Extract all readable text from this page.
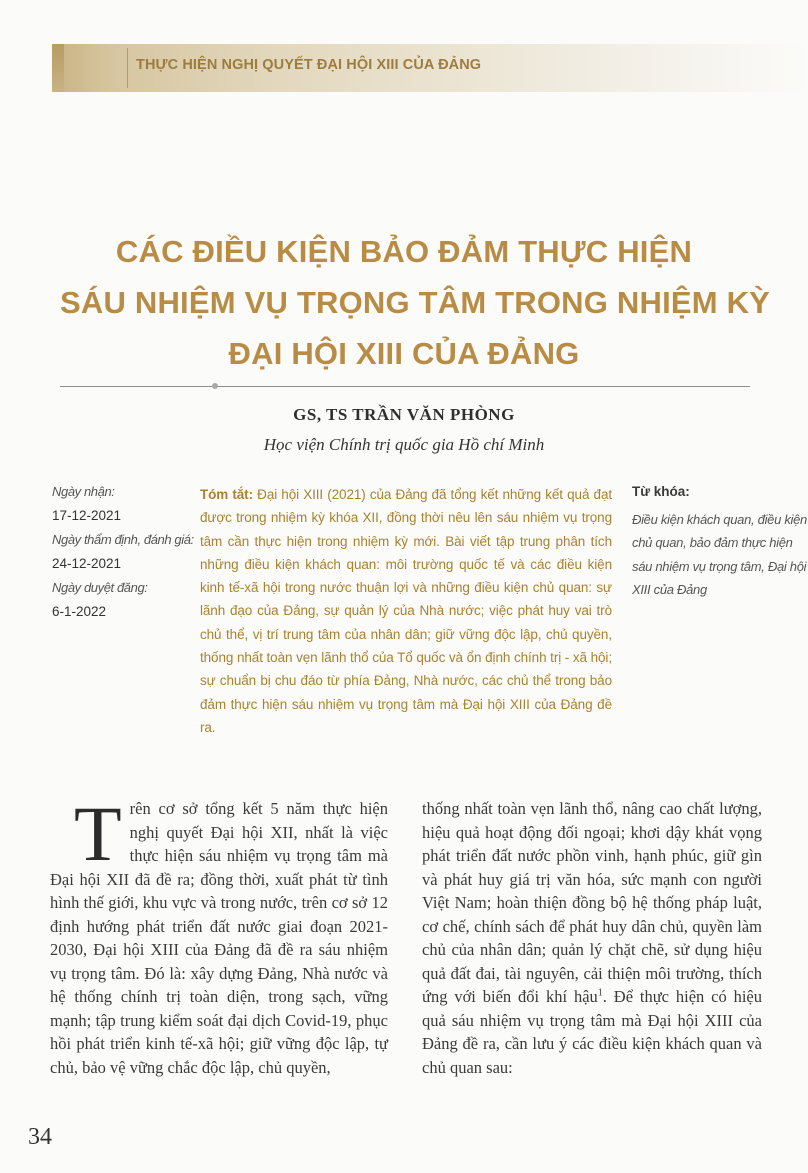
THỰC HIỆN NGHỊ QUYẾT ĐẠI HỘI XIII CỦA ĐẢNG
CÁC ĐIỀU KIỆN BẢO ĐẢM THỰC HIỆN
SÁU NHIỆM VỤ TRỌNG TÂM TRONG NHIỆM KỲ
ĐẠI HỘI XIII CỦA ĐẢNG
GS, TS TRẦN VĂN PHÒNG
Học viện Chính trị quốc gia Hồ chí Minh
Ngày nhận:
17-12-2021
Ngày thẩm định, đánh giá:
24-12-2021
Ngày duyệt đăng:
6-1-2022
Tóm tắt: Đại hội XIII (2021) của Đảng đã tổng kết những kết quả đạt được trong nhiệm kỳ khóa XII, đồng thời nêu lên sáu nhiệm vụ trọng tâm cần thực hiện trong nhiệm kỳ mới. Bài viết tập trung phân tích những điều kiện khách quan: môi trường quốc tế và các điều kiện kinh tế-xã hội trong nước thuận lợi và những điều kiện chủ quan: sự lãnh đạo của Đảng, sự quản lý của Nhà nước; việc phát huy vai trò chủ thể, vị trí trung tâm của nhân dân; giữ vững độc lập, chủ quyền, thống nhất toàn vẹn lãnh thổ của Tổ quốc và ổn định chính trị - xã hội; sự chuẩn bị chu đáo từ phía Đảng, Nhà nước, các chủ thể trong bảo đảm thực hiện sáu nhiệm vụ trọng tâm mà Đại hội XIII của Đảng đề ra.
Từ khóa:
Điều kiện khách quan, điều kiện chủ quan, bảo đảm thực hiện sáu nhiệm vụ trọng tâm, Đại hội XIII của Đảng
Trên cơ sở tổng kết 5 năm thực hiện nghị quyết Đại hội XII, nhất là việc thực hiện sáu nhiệm vụ trọng tâm mà Đại hội XII đã đề ra; đồng thời, xuất phát từ tình hình thế giới, khu vực và trong nước, trên cơ sở 12 định hướng phát triển đất nước giai đoạn 2021-2030, Đại hội XIII của Đảng đã đề ra sáu nhiệm vụ trọng tâm. Đó là: xây dựng Đảng, Nhà nước và hệ thống chính trị toàn diện, trong sạch, vững mạnh; tập trung kiểm soát đại dịch Covid-19, phục hồi phát triển kinh tế-xã hội; giữ vững độc lập, tự chủ, bảo vệ vững chắc độc lập, chủ quyền,
thống nhất toàn vẹn lãnh thổ, nâng cao chất lượng, hiệu quả hoạt động đối ngoại; khơi dậy khát vọng phát triển đất nước phồn vinh, hạnh phúc, giữ gìn và phát huy giá trị văn hóa, sức mạnh con người Việt Nam; hoàn thiện đồng bộ hệ thống pháp luật, cơ chế, chính sách để phát huy dân chủ, quyền làm chủ của nhân dân; quản lý chặt chẽ, sử dụng hiệu quả đất đai, tài nguyên, cải thiện môi trường, thích ứng với biến đổi khí hậu$^1$. Để thực hiện có hiệu quả sáu nhiệm vụ trọng tâm mà Đại hội XIII của Đảng đề ra, cần lưu ý các điều kiện khách quan và chủ quan sau:
34
